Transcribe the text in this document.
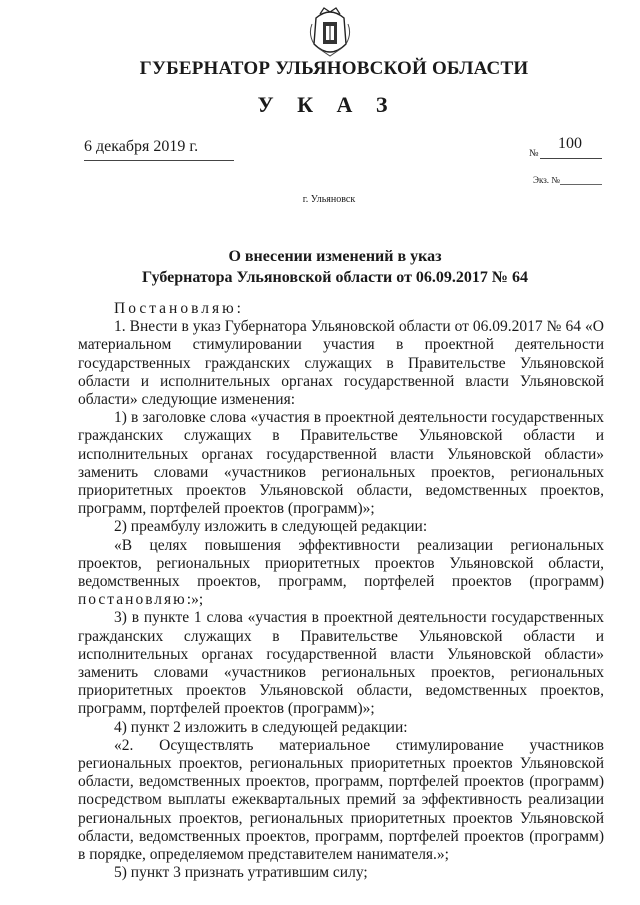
ГУБЕРНАТОР УЛЬЯНОВСКОЙ ОБЛАСТИ
У К А З
6 декабря 2019 г.	№
100
Экз. №
г. Ульяновск
О внесении изменений в указ
Губернатора Ульяновской области от 06.09.2017 № 64

Постановляю:

1. Внести в указ Губернатора Ульяновской области от 06.09.2017 № 64 «О материальном стимулировании участия в проектной деятельности государственных гражданских служащих в Правительстве Ульяновской области и исполнительных органах государственной власти Ульяновской области» следующие изменения:

1) в заголовке слова «участия в проектной деятельности государственных гражданских служащих в Правительстве Ульяновской области и исполнительных органах государственной власти Ульяновской области» заменить словами «участников региональных проектов, региональных приоритетных проектов Ульяновской области, ведомственных проектов, программ, портфелей проектов (программ)»;

2) преамбулу изложить в следующей редакции:

«В целях повышения эффективности реализации региональных проектов, региональных приоритетных проектов Ульяновской области, ведомственных проектов, программ, портфелей проектов (программ) постановляю:»;

3) в пункте 1 слова «участия в проектной деятельности государственных гражданских служащих в Правительстве Ульяновской области и исполнительных органах государственной власти Ульяновской области» заменить словами «участников региональных проектов, региональных приоритетных проектов Ульяновской области, ведомственных проектов, программ, портфелей проектов (программ)»;

4) пункт 2 изложить в следующей редакции:

«2. Осуществлять материальное стимулирование участников региональных проектов, региональных приоритетных проектов Ульяновской области, ведомственных проектов, программ, портфелей проектов (программ) посредством выплаты ежеквартальных премий за эффективность реализации региональных проектов, региональных приоритетных проектов Ульяновской области, ведомственных проектов, программ, портфелей проектов (программ) в порядке, определяемом представителем нанимателя.»;

5) пункт 3 признать утратившим силу;
